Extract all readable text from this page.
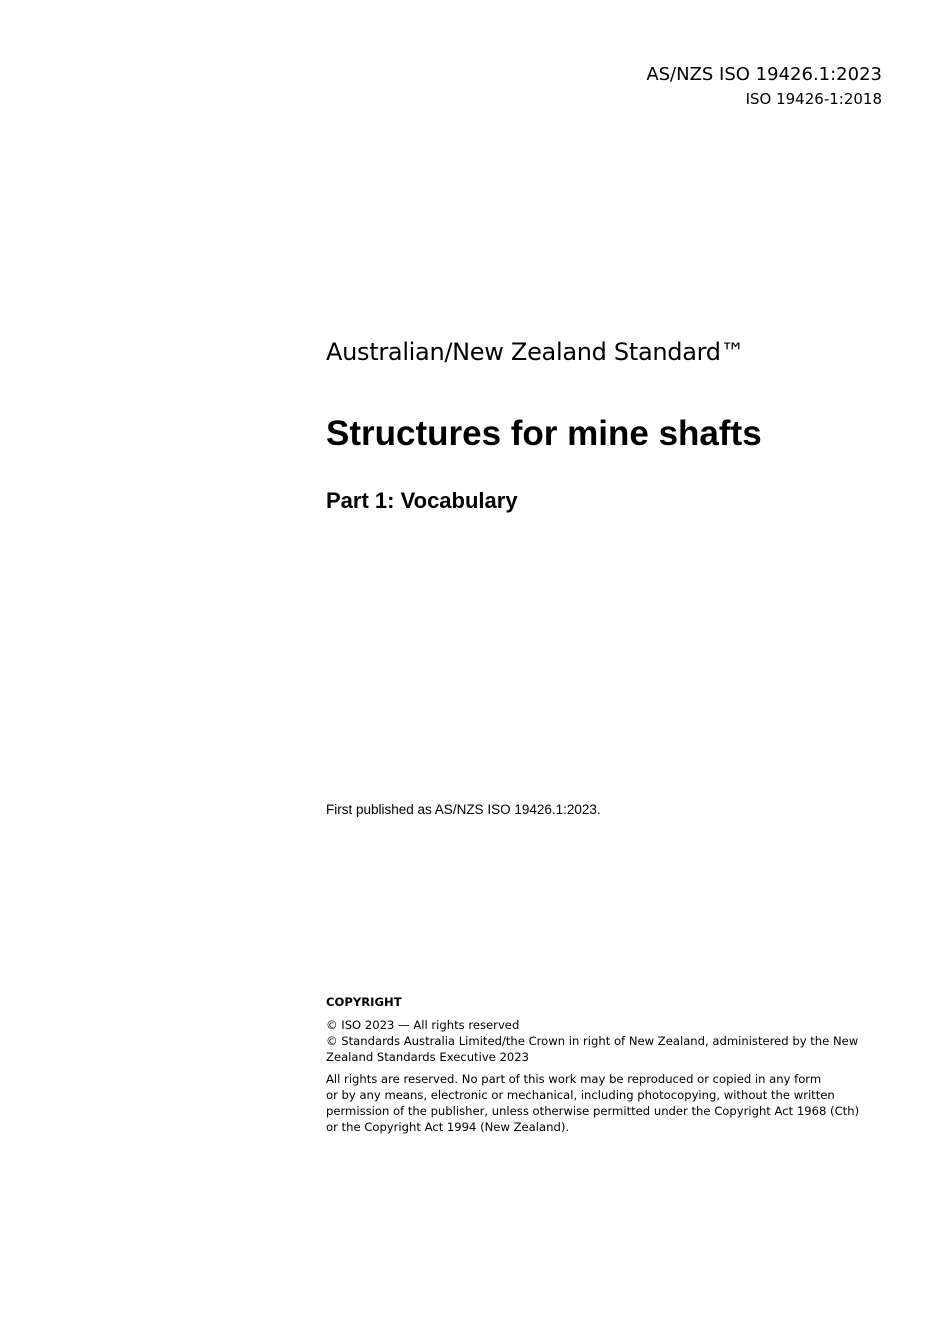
AS/NZS ISO 19426.1:2023
ISO 19426-1:2018
Australian/New Zealand Standard™
Structures for mine shafts
Part 1: Vocabulary
First published as AS/NZS ISO 19426.1:2023.
COPYRIGHT
© ISO 2023 — All rights reserved
© Standards Australia Limited/the Crown in right of New Zealand, administered by the New
Zealand Standards Executive 2023
All rights are reserved. No part of this work may be reproduced or copied in any form
or by any means, electronic or mechanical, including photocopying, without the written
permission of the publisher, unless otherwise permitted under the Copyright Act 1968 (Cth)
or the Copyright Act 1994 (New Zealand).
